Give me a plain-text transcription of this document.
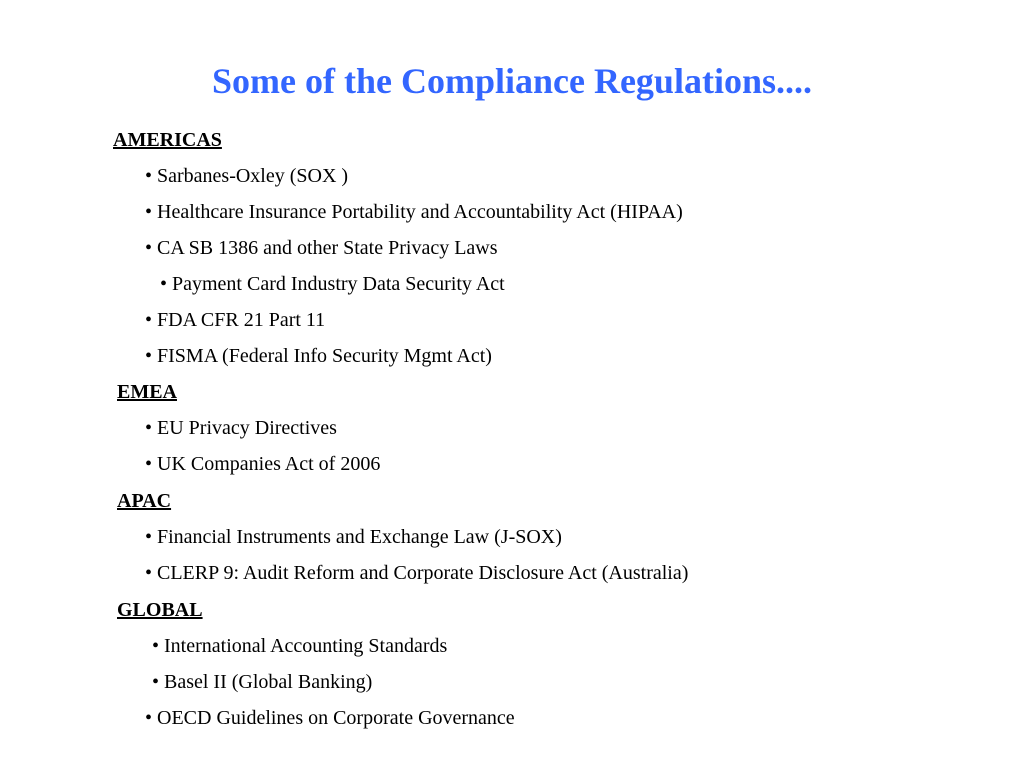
Some of the Compliance Regulations....
AMERICAS
• Sarbanes-Oxley (SOX )
• Healthcare Insurance Portability and Accountability Act (HIPAA)
• CA SB 1386 and other State Privacy Laws
• Payment Card Industry Data Security Act
• FDA CFR 21 Part 11
• FISMA (Federal Info Security Mgmt Act)
EMEA
• EU Privacy Directives
• UK Companies Act of 2006
APAC
• Financial Instruments and Exchange Law (J-SOX)
• CLERP 9: Audit Reform and Corporate Disclosure Act (Australia)
GLOBAL
• International Accounting Standards
• Basel II (Global Banking)
• OECD Guidelines on Corporate Governance
